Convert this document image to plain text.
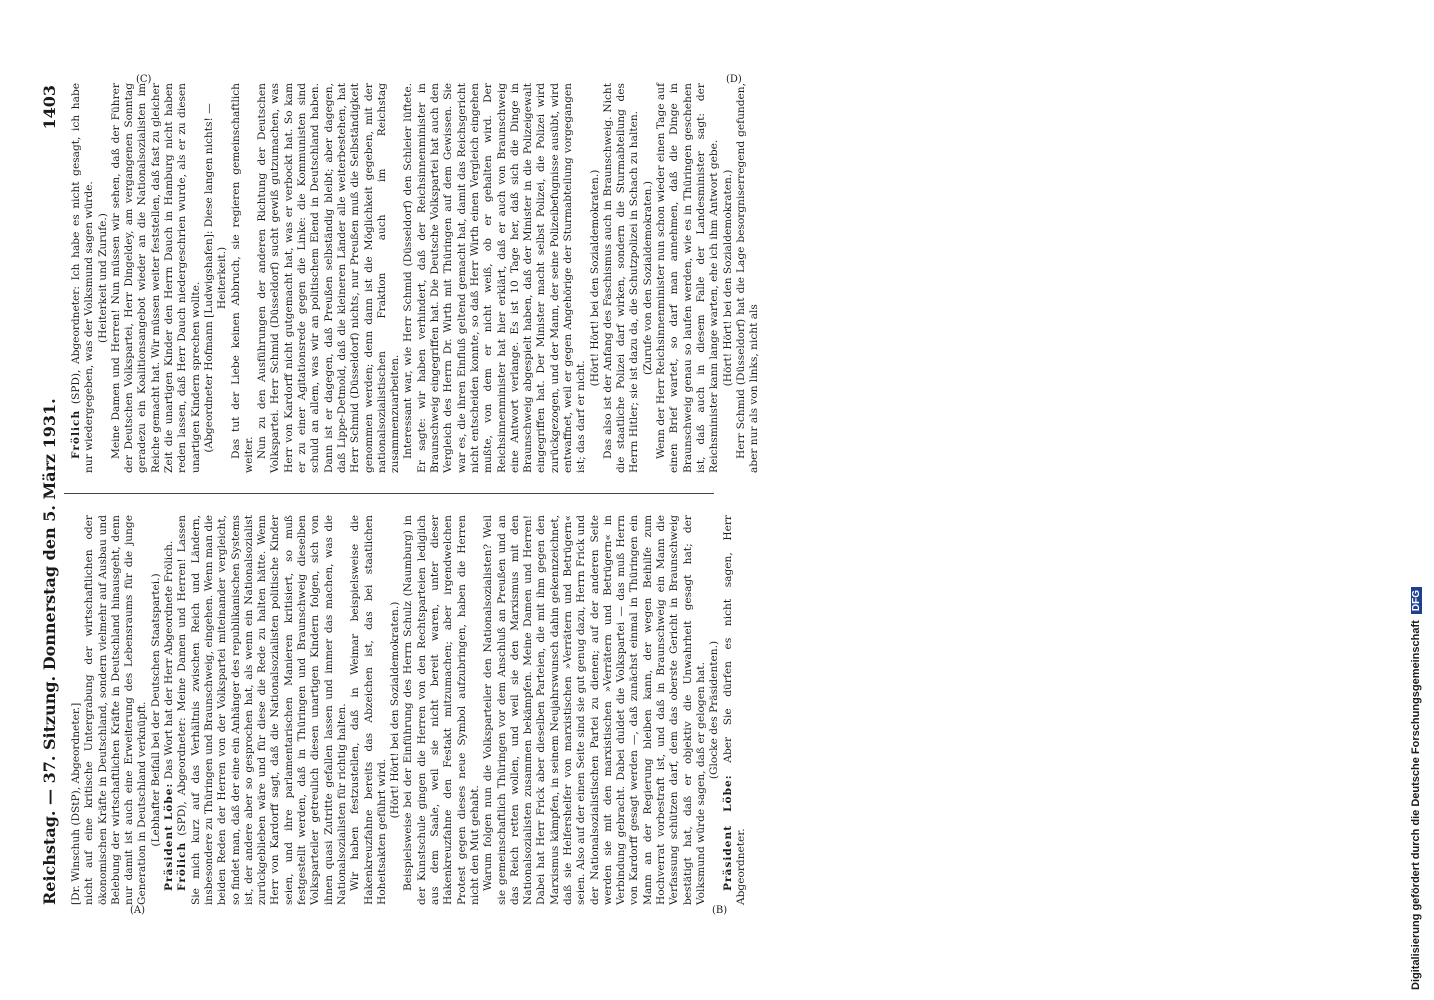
Reichstag. — 37. Sitzung. Donnerstag den 5. März 1931.
1403

[Dr. Winschuh (DStP), Abgeordneter.] nicht auf eine kritische Untergrabung der wirtschaftlichen oder ökonomischen Kräfte in Deutschland, sondern vielmehr auf Ausbau und Belebung der wirtschaftlichen Kräfte in Deutschland hinausgeht, denn nur damit ist auch eine Erweiterung des Lebensraums für die junge Generation in Deutschland verknüpft. (Lebhafter Beifall bei der Deutschen Staatspartei.) Präsident Löbe: Das Wort hat der Herr Abgeordnete Frölich.

Frölich (SPD), Abgeordneter: Meine Damen und Herren! Lassen Sie mich kurz auf das Verhältnis zwischen Reich und Ländern, insbesondere zu Thüringen und Braunschweig, eingehen. Wenn man die beiden Reden der Herren von der Volkspartei miteinander vergleicht, so findet man, daß der eine ein Anhänger des republikanischen Systems ist, der andere aber so gesprochen hat, als wenn ein Nationalsozialist zurückgeblieben wäre und für diese die Rede zu halten hätte. Wenn Herr von Kardorff sagt, daß die Nationalsozialisten politische Kinder seien, und ihre parlamentarischen Manieren kritisiert, so muß festgestellt werden, daß in Thüringen und Braunschweig dieselben Volksparteiler getreulich diesen unartigen Kindern folgen, sich von ihnen quasi Zutritte gefallen lassen und immer das machen, was die Nationalsozialisten für richtig halten. Wir haben festzustellen, daß in Weimar beispielsweise die Hakenkreuzfahne bereits das Abzeichen ist, das bei staatlichen Hoheitsakten geführt wird.

(Hört! Hört! bei den Sozialdemokraten.) Beispielsweise bei der Einführung des Herrn Schulz (Naumburg) in der Kunstschule gingen die Herren von den Rechtsparteien lediglich aus dem Saale, weil sie nicht bereit waren, unter dieser Hakenkreuzfahne den Festakt mitzumachen; aber irgendwelchen Protest gegen dieses neue Symbol aufzubringen, haben die Herren nicht den Mut gehabt. Warum folgen nun die Volksparteiler den Nationalsozialisten? Weil sie gemeinschaftlich Thüringen vor dem Anschluß an Preußen und an das Reich retten wollen, und weil sie den Marxismus mit den Nationalsozialisten zusammen bekämpfen. Meine Damen und Herren! Dabei hat Herr Frick aber dieselben Parteien, die mit ihm gegen den Marxismus kämpfen, in seinem Neujahrswunsch dahin gekennzeichnet, daß sie Helfershelfer von marxistischen »Verrätern und Betrügern« seien. Also auf der einen Seite sind sie gut genug dazu, Herrn Frick und der Nationalsozialistischen Partei zu dienen; auf der anderen Seite werden sie mit den marxistischen »Verrätern und Betrügern« in Verbindung gebracht. Dabei duldet die Volkspartei — das muß Herrn von Kardorff gesagt werden —, daß zunächst einmal in Thüringen ein Mann an der Regierung bleiben kann, der wegen Beihilfe zum Hochverrat vorbestraft ist, und daß in Braunschweig ein Mann die Verfassung schützen darf, dem das oberste Gericht in Braunschweig bestätigt hat, daß er objektiv die Unwahrheit gesagt hat; der Volksmund würde sagen, daß er gelogen hat. (Glocke des Präsidenten.)

Präsident Löbe: Aber Sie dürfen es nicht sagen, Herr Abgeordneter.

Frölich (SPD), Abgeordneter: Ich habe es nicht gesagt, ich habe nur wiedergegeben, was der Volksmund sagen würde. (Heiterkeit und Zurufe.) Meine Damen und Herren! Nun müssen wir sehen, daß der Führer der Deutschen Volkspartei, Herr Dingeldey, am vergangenen Sonntag geradezu ein Koalitionsangebot wieder an die Nationalsozialisten im Reiche gemacht hat. Wir müssen weiter feststellen, daß fast zu gleicher Zeit die unartigen Kinder den Herrn Dauch in Hamburg nicht haben reden lassen, daß Herr Dauch niedergeschrien wurde, als er zu diesen unartigen Kindern sprechen wollte. (Abgeordneter Hofmann [Ludwigshafen]: Diese langen nichts! — Heiterkeit.) Das tut der Liebe keinen Abbruch, sie regieren gemeinschaftlich weiter. Nun zu den Ausführungen der anderen Richtung der Deutschen Volkspartei. Herr Schmid (Düsseldorf) sucht gewiß gutzumachen, was Herr von Kardorff nicht gutgemacht hat, was er verbockt hat. So kam er zu einer Agitationsrede gegen die Linke: die Kommunisten sind schuld an allem, was wir an politischem Elend in Deutschland haben. Dann ist er dagegen, daß Preußen selbständig bleibt; aber dagegen, daß Lippe-Detmold, daß die kleineren Länder alle weiterbestehen, hat Herr Schmid (Düsseldorf) nichts, nur Preußen muß die Selbständigkeit genommen werden; denn dann ist die Möglichkeit gegeben, mit der nationalsozialistischen Fraktion auch im Reichstag zusammenzuarbeiten. Interessant war, wie Herr Schmid (Düsseldorf) den Schleier lüftete. Er sagte: wir haben verhindert, daß der Reichsinnenminister in Braunschweig eingegriffen hat. Die Deutsche Volkspartei hat auch den Vergleich des Herrn Dr. Wirth mit Thüringen auf dem Gewissen. Sie war es, die ihren Einfluß geltend gemacht hat, damit das Reichsgericht nicht entscheiden konnte, so daß Herr Wirth einen Vergleich eingehen mußte, von dem er nicht weiß, ob er gehalten wird. Der Reichsinnenminister hat hier erklärt, daß er auch von Braunschweig eine Antwort verlange. Es ist 10 Tage her, daß sich die Dinge in Braunschweig abgespielt haben, daß der Minister in die Polizeigewalt eingegriffen hat. Der Minister macht selbst Polizei, die Polizei wird zurückgezogen, und der Mann, der seine Polizeibefugnisse ausübt, wird entwaffnet, weil er gegen Angehörige der Sturmabteilung vorgegangen ist; das darf er nicht.

(Hört! Hört! bei den Sozialdemokraten.) Das also ist der Anfang des Faschismus auch in Braunschweig. Nicht die staatliche Polizei darf wirken, sondern die Sturmabteilung des Herrn Hitler; sie ist dazu da, die Schutzpolizei in Schach zu halten. (Zurufe von den Sozialdemokraten.) Wenn der Herr Reichsinnenminister nun schon wieder einen Tage auf einen Brief wartet, so darf man annehmen, daß die Dinge in Braunschweig genau so laufen werden, wie es in Thüringen geschehen ist, daß auch in diesem Falle der Landesminister sagt: der Reichsminister kann lange warten, ehe ich ihm Antwort gebe. (Hört! Hört! bei den Sozialdemokraten.) Herr Schmid (Düsseldorf) hat die Lage besorgniserregend gefunden, aber nur als von links, nicht als

(A)	(B)
(C)	(D)
Digitalisierung gefördert durch die Deutsche Forschungsgemeinschaft DFG
